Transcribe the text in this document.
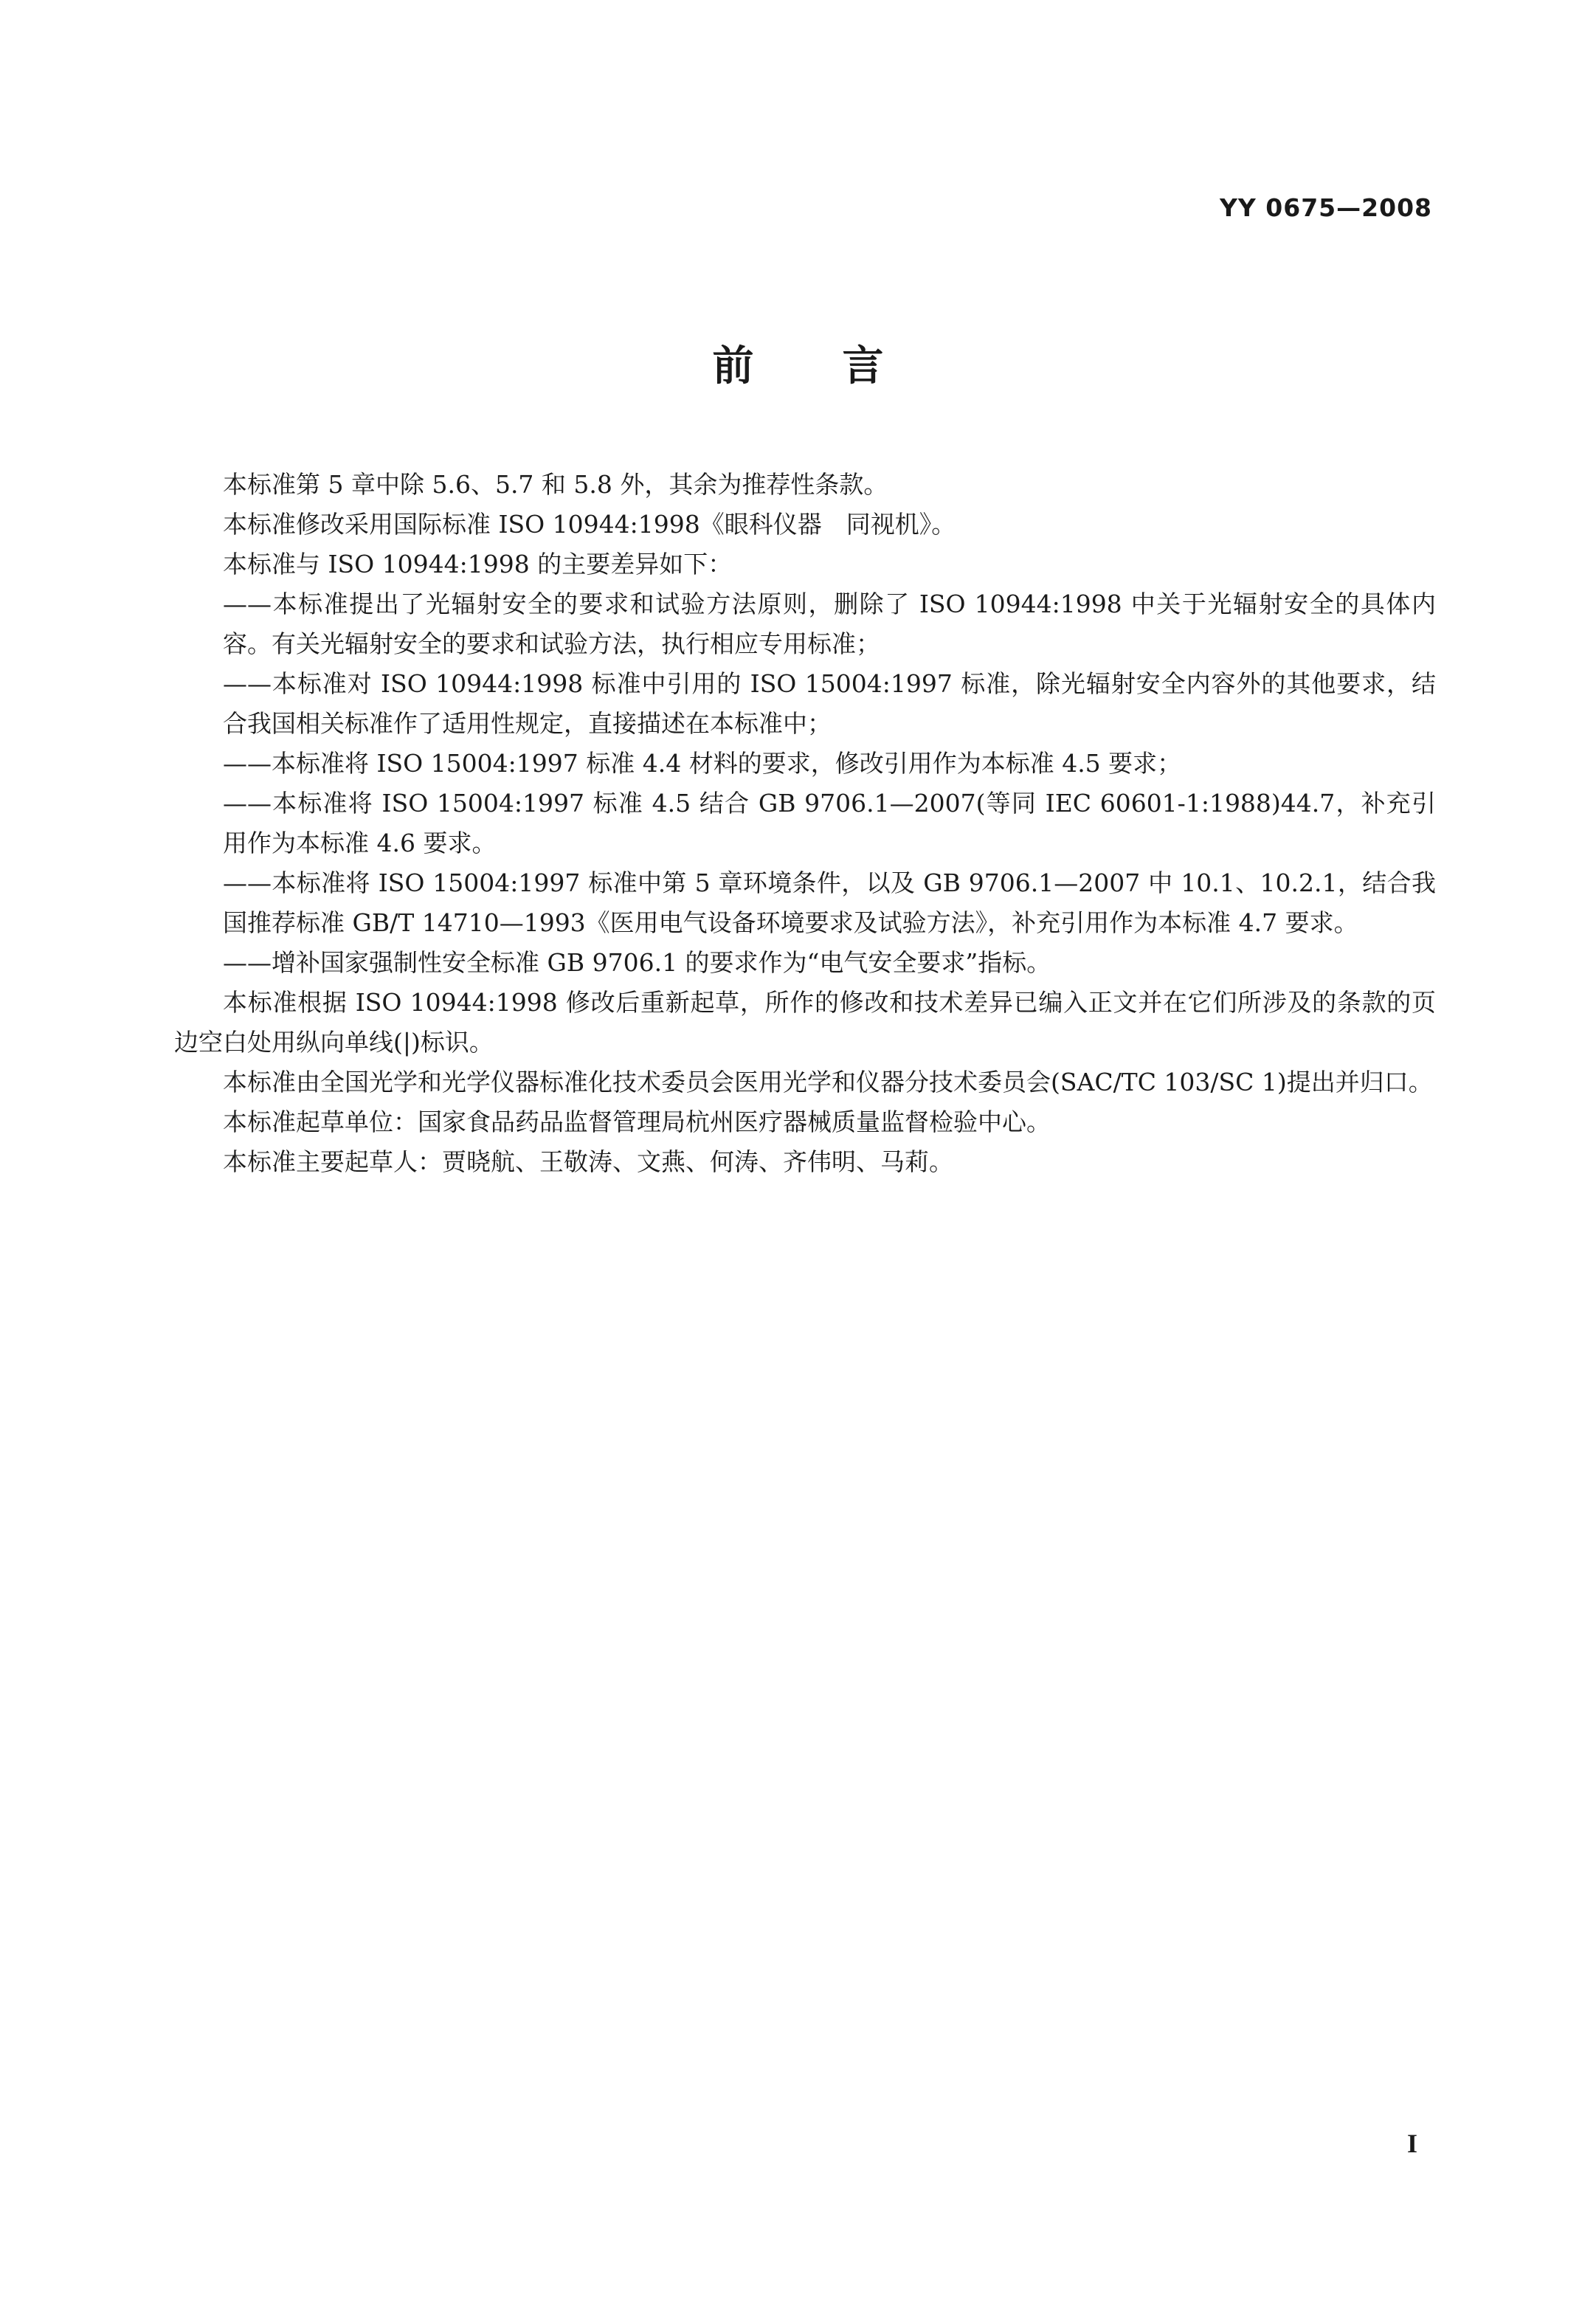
YY 0675—2008
前言

本标准第 5 章中除 5.6、5.7 和 5.8 外，其余为推荐性条款。

本标准修改采用国际标准 ISO 10944:1998《眼科仪器　同视机》。

本标准与 ISO 10944:1998 的主要差异如下：

——本标准提出了光辐射安全的要求和试验方法原则，删除了 ISO 10944:1998 中关于光辐射安全的具体内容。有关光辐射安全的要求和试验方法，执行相应专用标准；

——本标准对 ISO 10944:1998 标准中引用的 ISO 15004:1997 标准，除光辐射安全内容外的其他要求，结合我国相关标准作了适用性规定，直接描述在本标准中；

——本标准将 ISO 15004:1997 标准 4.4 材料的要求，修改引用作为本标准 4.5 要求；

——本标准将 ISO 15004:1997 标准 4.5 结合 GB 9706.1—2007(等同 IEC 60601-1:1988)44.7，补充引用作为本标准 4.6 要求。

——本标准将 ISO 15004:1997 标准中第 5 章环境条件，以及 GB 9706.1—2007 中 10.1、10.2.1，结合我国推荐标准 GB/T 14710—1993《医用电气设备环境要求及试验方法》，补充引用作为本标准 4.7 要求。

——增补国家强制性安全标准 GB 9706.1 的要求作为“电气安全要求”指标。

本标准根据 ISO 10944:1998 修改后重新起草，所作的修改和技术差异已编入正文并在它们所涉及的条款的页边空白处用纵向单线(|)标识。

本标准由全国光学和光学仪器标准化技术委员会医用光学和仪器分技术委员会(SAC/TC 103/SC 1)提出并归口。

本标准起草单位：国家食品药品监督管理局杭州医疗器械质量监督检验中心。

本标准主要起草人：贾晓航、王敬涛、文燕、何涛、齐伟明、马莉。

I
